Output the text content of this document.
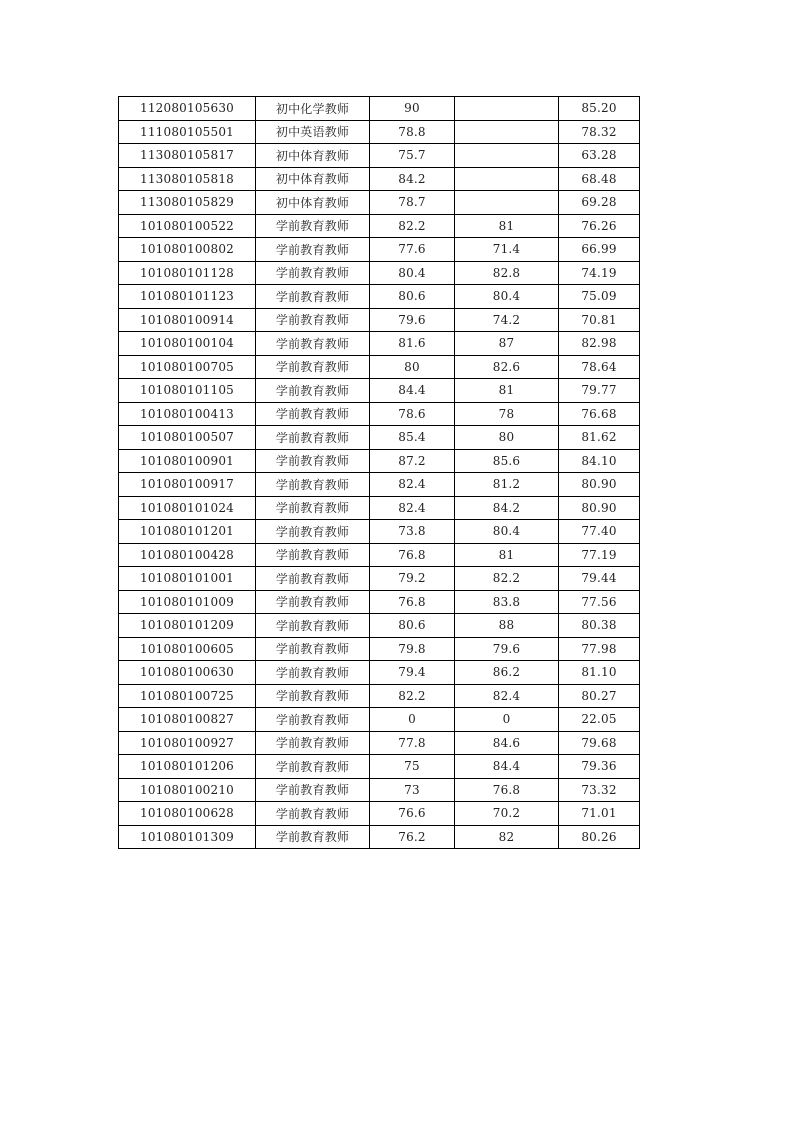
112080105630	初中化学教师	90		85.20
111080105501	初中英语教师	78.8		78.32
113080105817	初中体育教师	75.7		63.28
113080105818	初中体育教师	84.2		68.48
113080105829	初中体育教师	78.7		69.28
101080100522	学前教育教师	82.2	81	76.26
101080100802	学前教育教师	77.6	71.4	66.99
101080101128	学前教育教师	80.4	82.8	74.19
101080101123	学前教育教师	80.6	80.4	75.09
101080100914	学前教育教师	79.6	74.2	70.81
101080100104	学前教育教师	81.6	87	82.98
101080100705	学前教育教师	80	82.6	78.64
101080101105	学前教育教师	84.4	81	79.77
101080100413	学前教育教师	78.6	78	76.68
101080100507	学前教育教师	85.4	80	81.62
101080100901	学前教育教师	87.2	85.6	84.10
101080100917	学前教育教师	82.4	81.2	80.90
101080101024	学前教育教师	82.4	84.2	80.90
101080101201	学前教育教师	73.8	80.4	77.40
101080100428	学前教育教师	76.8	81	77.19
101080101001	学前教育教师	79.2	82.2	79.44
101080101009	学前教育教师	76.8	83.8	77.56
101080101209	学前教育教师	80.6	88	80.38
101080100605	学前教育教师	79.8	79.6	77.98
101080100630	学前教育教师	79.4	86.2	81.10
101080100725	学前教育教师	82.2	82.4	80.27
101080100827	学前教育教师	0	0	22.05
101080100927	学前教育教师	77.8	84.6	79.68
101080101206	学前教育教师	75	84.4	79.36
101080100210	学前教育教师	73	76.8	73.32
101080100628	学前教育教师	76.6	70.2	71.01
101080101309	学前教育教师	76.2	82	80.26
